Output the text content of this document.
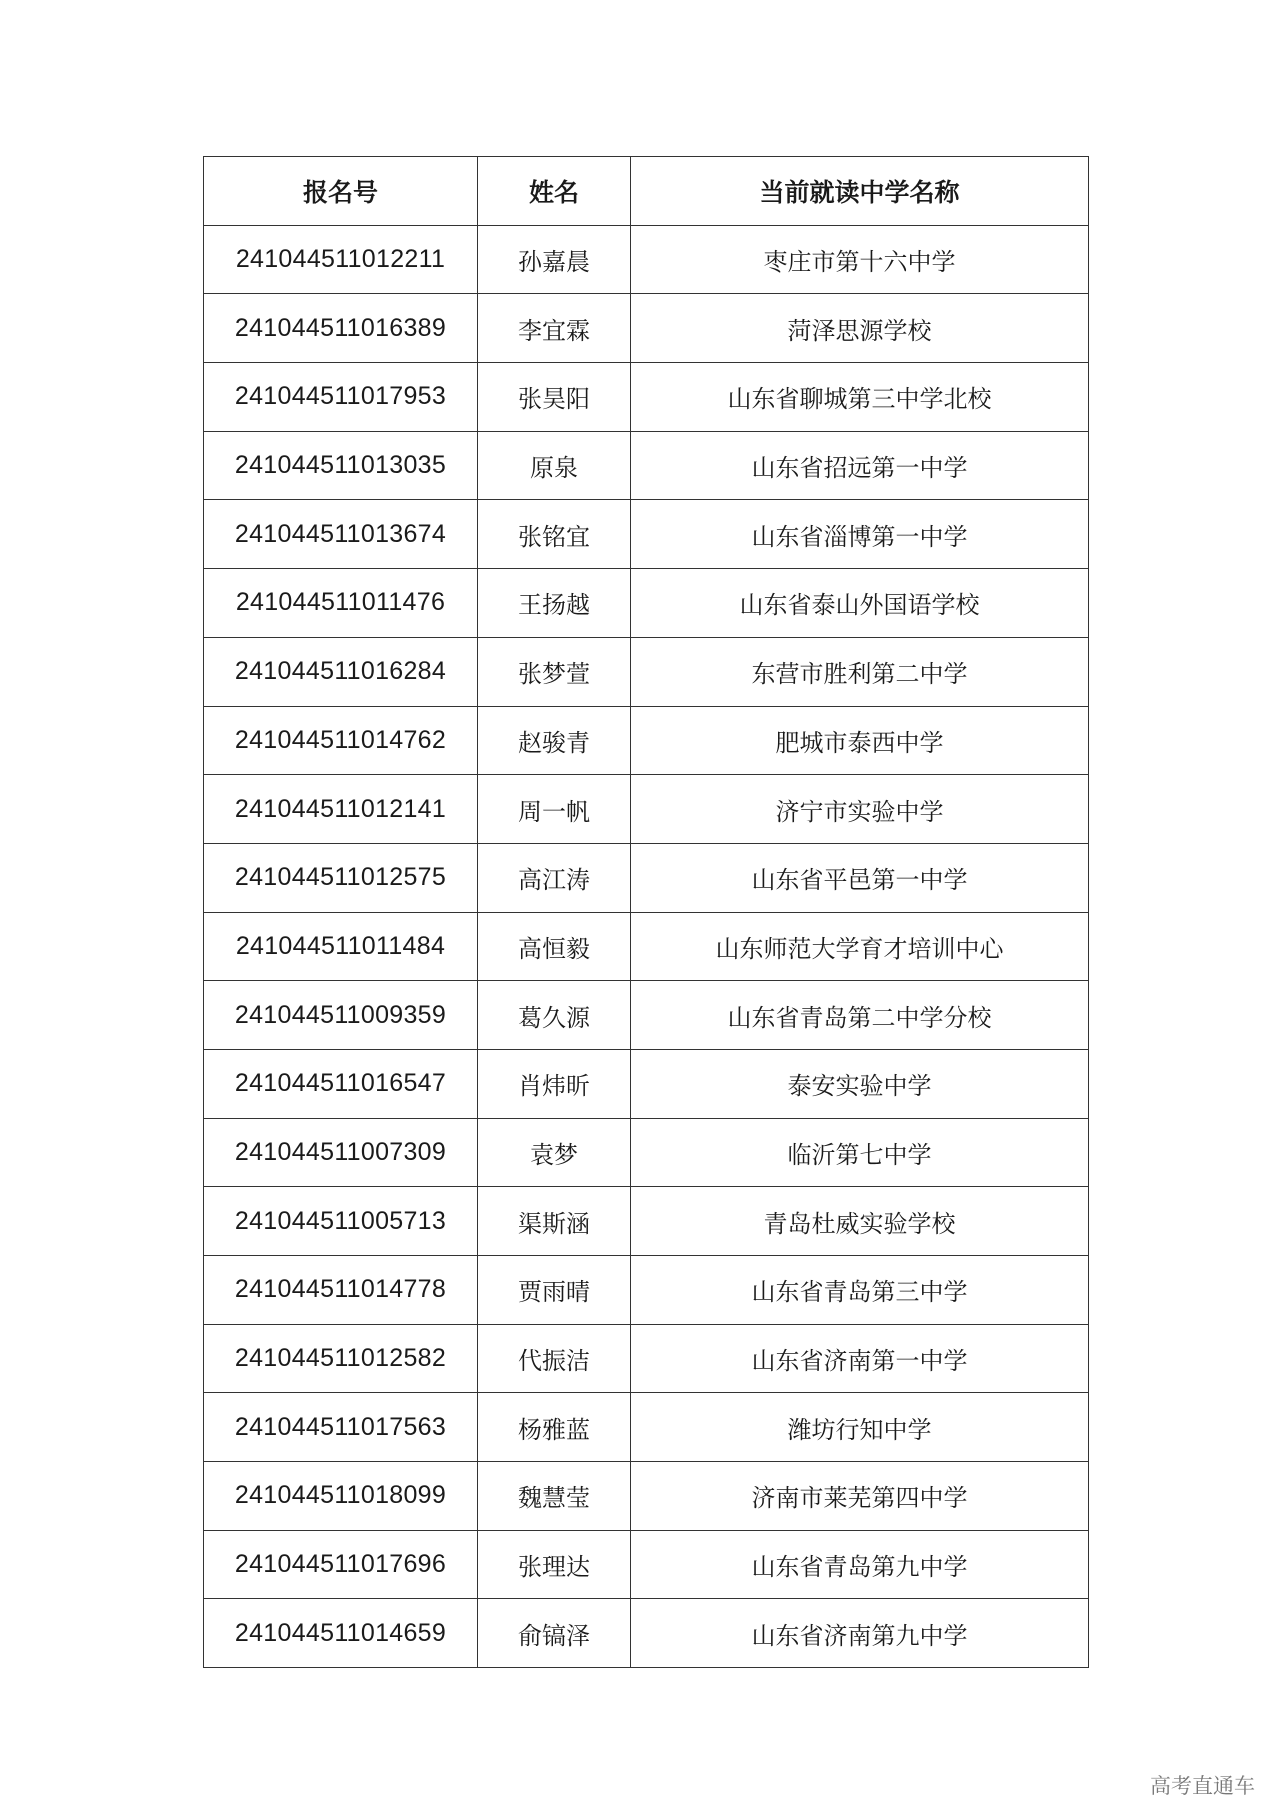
报名号	姓名	当前就读中学名称
241044511012211	孙嘉晨	枣庄市第十六中学
241044511016389	李宜霖	菏泽思源学校
241044511017953	张昊阳	山东省聊城第三中学北校
241044511013035	原泉	山东省招远第一中学
241044511013674	张铭宜	山东省淄博第一中学
241044511011476	王扬越	山东省泰山外国语学校
241044511016284	张梦萱	东营市胜利第二中学
241044511014762	赵骏青	肥城市泰西中学
241044511012141	周一帆	济宁市实验中学
241044511012575	高江涛	山东省平邑第一中学
241044511011484	高恒毅	山东师范大学育才培训中心
241044511009359	葛久源	山东省青岛第二中学分校
241044511016547	肖炜昕	泰安实验中学
241044511007309	袁梦	临沂第七中学
241044511005713	渠斯涵	青岛杜威实验学校
241044511014778	贾雨晴	山东省青岛第三中学
241044511012582	代振洁	山东省济南第一中学
241044511017563	杨雅蓝	潍坊行知中学
241044511018099	魏慧莹	济南市莱芜第四中学
241044511017696	张理达	山东省青岛第九中学
241044511014659	俞镐泽	山东省济南第九中学
高考直通车
